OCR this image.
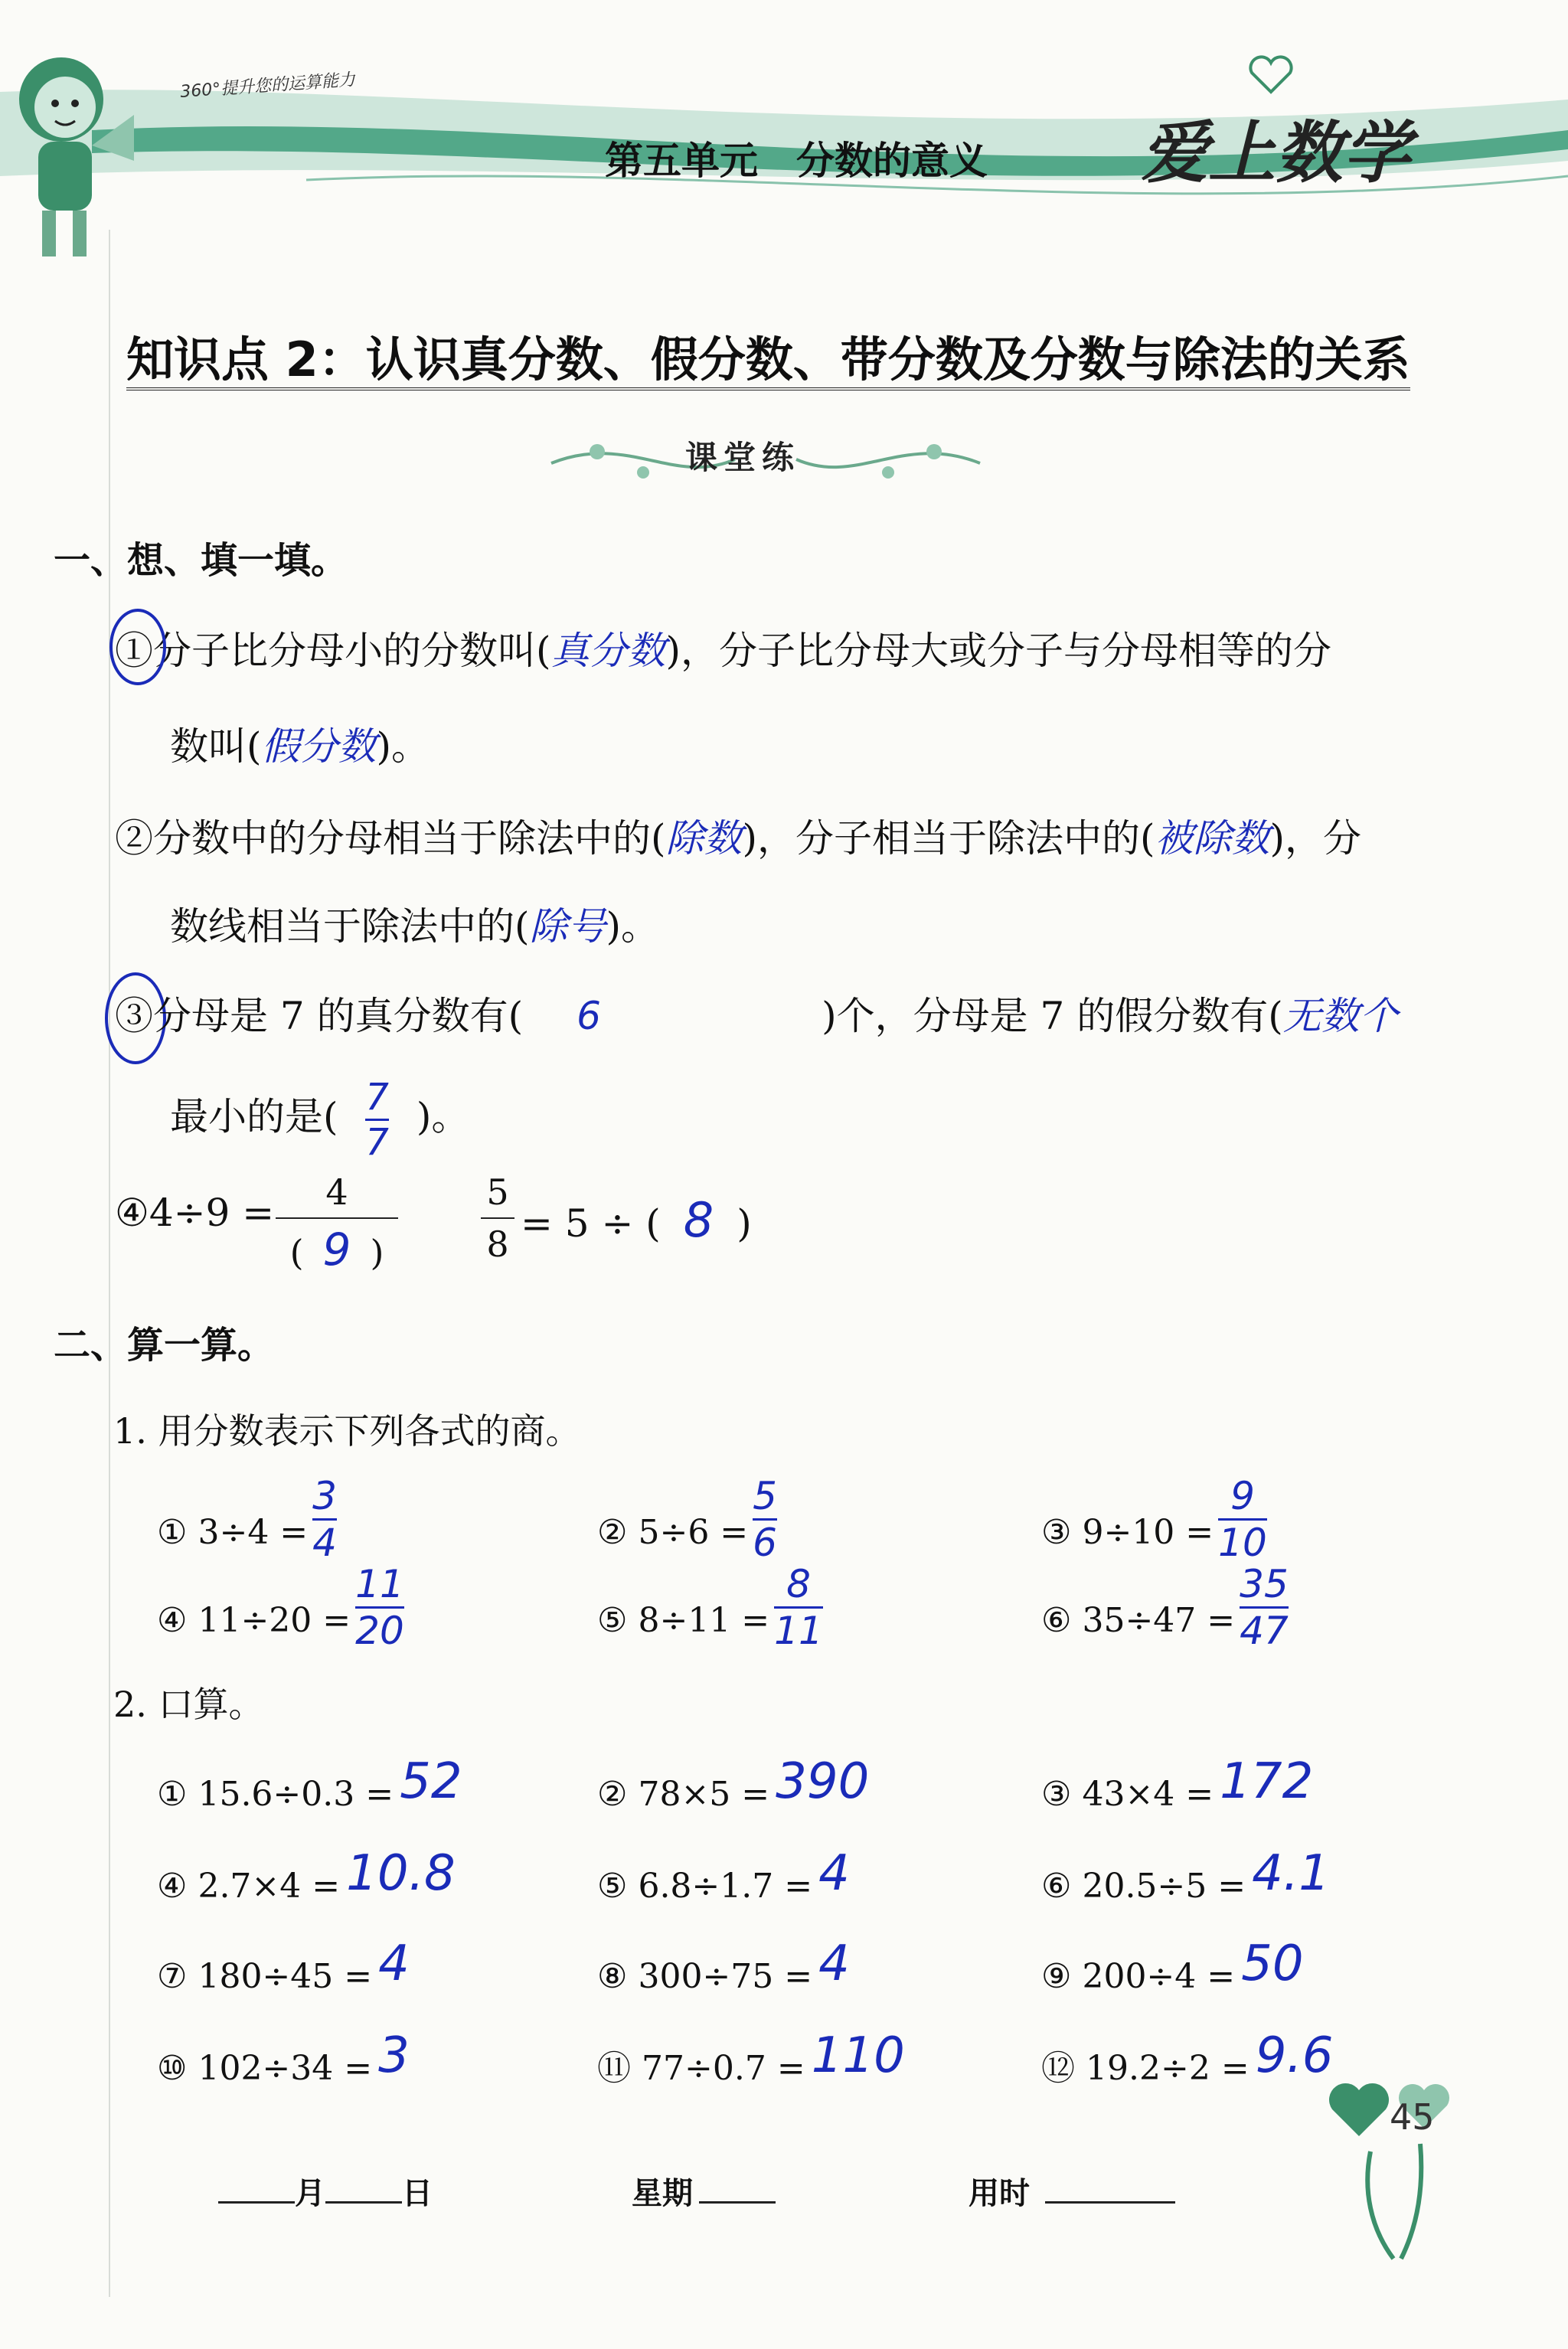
360°提升您的运算能力
第五单元　分数的意义 爱上数学
知识点 2：认识真分数、假分数、带分数及分数与除法的关系
课堂练
一、想、填一填。
①分子比分母小的分数叫(真分数)，分子比分母大或分子与分母相等的分
数叫(假分数)。
②分数中的分母相当于除法中的(除数)，分子相当于除法中的(被除数)，分
数线相当于除法中的(除号)。
③分母是 7 的真分数有( 6	)个，分母是 7 的假分数有(无数个
最小的是( $\frac{7}{7}$ )。
④4÷9 =	4
( 9 )
5
8 = 5 ÷ ( 8 )
二、算一算。
1. 用分数表示下列各式的商。
① $3\div 4 = \frac{3}{4}$	② $5\div 6 = \frac{5}{6}$	③ $9\div 10 = \frac{9}{10}$
④ $11\div 20 = \frac{11}{20}$	⑤ $8\div 11 = \frac{8}{11}$	⑥ $35\div 47 = \frac{35}{47}$
2. 口算。
① 15.6÷0.3 = 52	② 78×5 = 390	③ 43×4 = 172
④ 2.7×4 = 10.8	⑤ 6.8÷1.7 = 4	⑥ 20.5÷5 = 4.1
⑦ 180÷45 = 4	⑧ 300÷75 = 4	⑨ 200÷4 = 50
⑩ 102÷34 = 3	⑪ 77÷0.7 = 110	⑫ 19.2÷2 = 9.6
45
月	日	星期	用时
